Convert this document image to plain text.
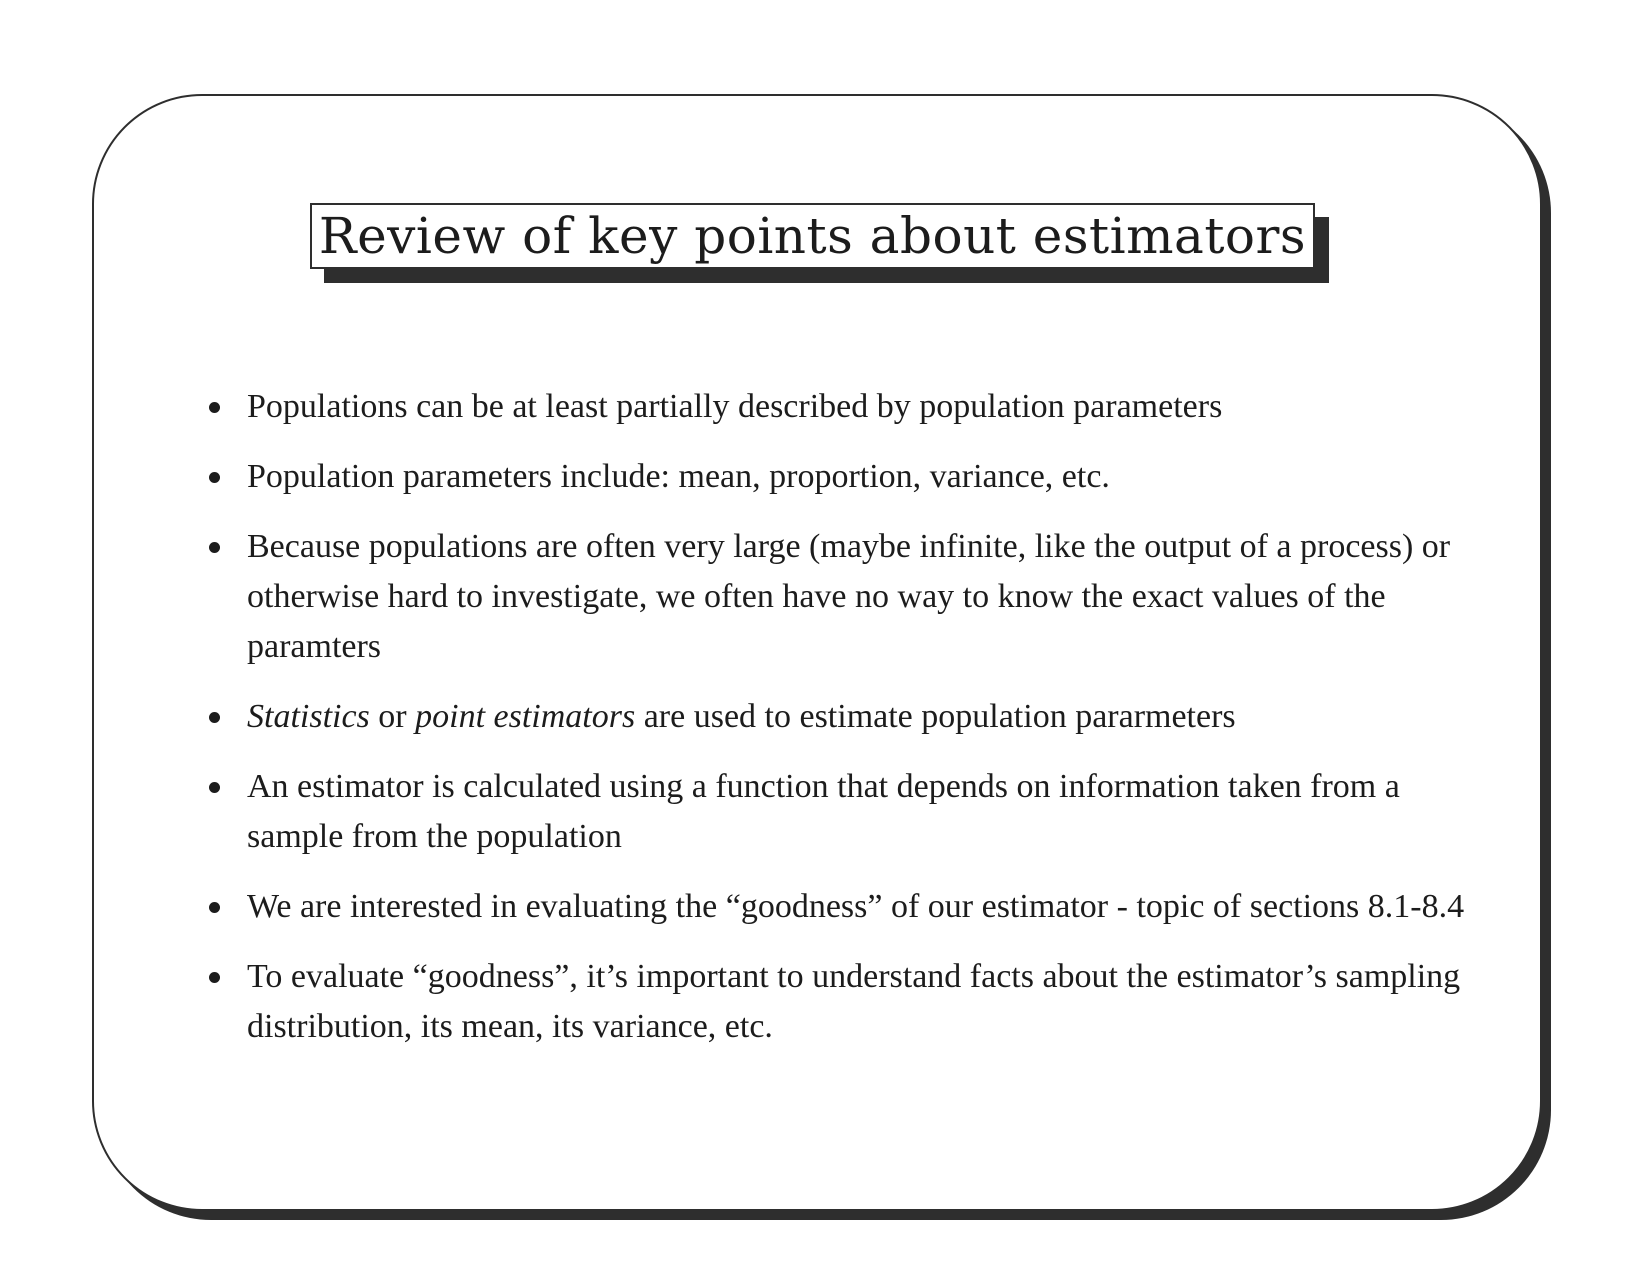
Review of key points about estimators
Populations can be at least partially described by population parameters
Population parameters include: mean, proportion, variance, etc.
Because populations are often very large (maybe infinite, like the output of a process) or otherwise hard to investigate, we often have no way to know the exact values of the paramters
Statistics or point estimators are used to estimate population pararmeters
An estimator is calculated using a function that depends on information taken from a sample from the population
We are interested in evaluating the “goodness” of our estimator - topic of sections 8.1-8.4
To evaluate “goodness”, it’s important to understand facts about the estimator’s sampling distribution, its mean, its variance, etc.
